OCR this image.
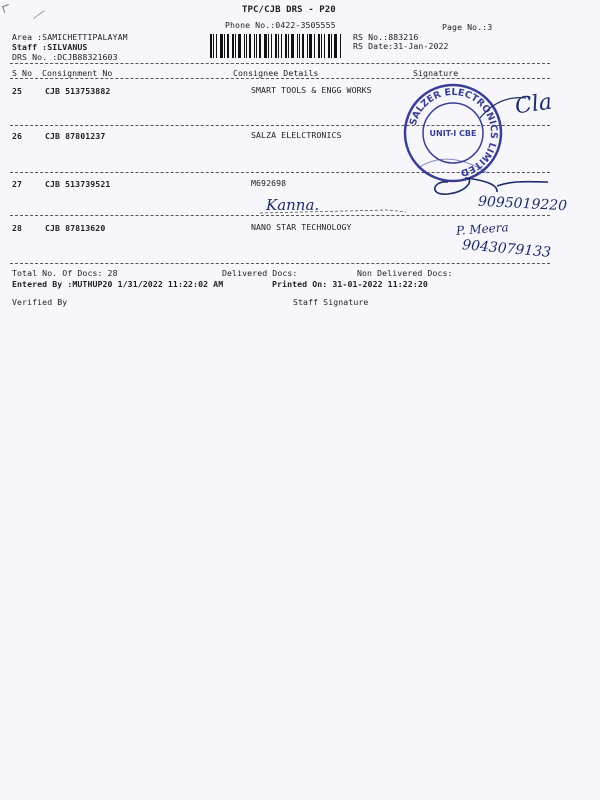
TPC/CJB DRS - P20
Phone No.:0422-3505555
Area :SAMICHETTIPALAYAM
Staff :SILVANUS
DRS No. :DCJB88321603
Page No.:3
RS No.:883216
RS Date:31-Jan-2022
S No Consignment No	Consignee Details	Signature
25	CJB 513753882	SMART TOOLS & ENGG WORKS	Cla
26	CJB 87801237	SALZA ELELCTRONICS
27	CJB 513739521	M692698
Kanna.	9095019220
28	CJB 87813620	NANO STAR TECHNOLOGY	P. Meera
9043079133
SALZER ELECTRONICS LIMITED
UNIT-I CBE
Total No. Of Docs: 28	Delivered Docs:	Non Delivered Docs:
Entered By :MUTHUP20 1/31/2022 11:22:02 AM	Printed On: 31-01-2022 11:22:20
Verified By	Staff Signature
